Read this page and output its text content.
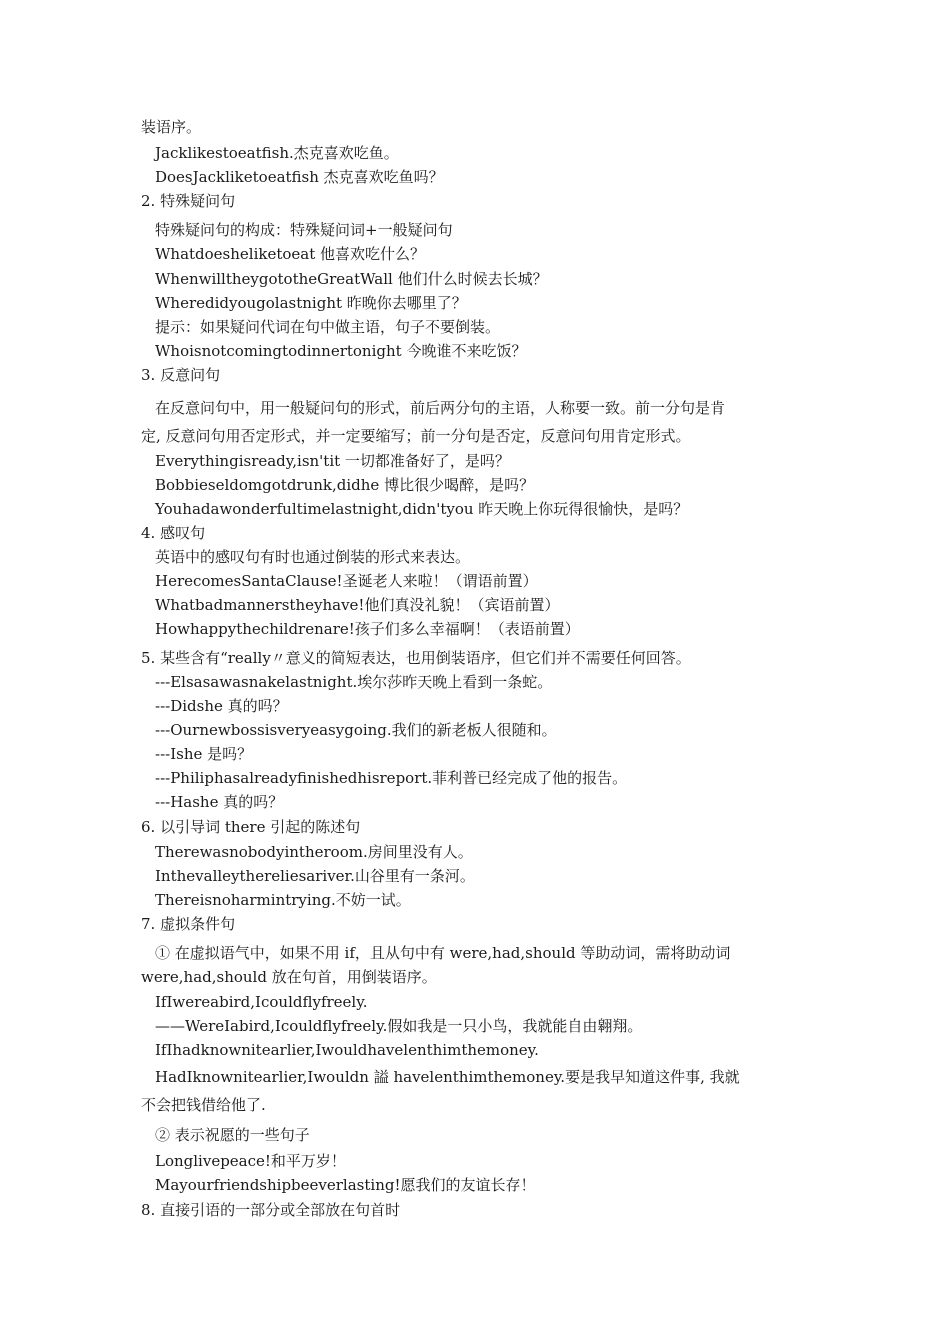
装语序。
Jacklikestoeatfish.杰克喜欢吃鱼。
DoesJackliketoeatfish 杰克喜欢吃鱼吗？
2. 特殊疑问句
特殊疑问句的构成：特殊疑问词+一般疑问句
Whatdoesheliketoeat 他喜欢吃什么？
WhenwilltheygototheGreatWall 他们什么时候去长城？
Wheredidyougolastnight 昨晚你去哪里了？
提示：如果疑问代词在句中做主语，句子不要倒装。
Whoisnotcomingtodinnertonight 今晚谁不来吃饭？
3. 反意问句
在反意问句中，用一般疑问句的形式，前后两分句的主语，人称要一致。前一分句是肯
定, 反意问句用否定形式，并一定要缩写；前一分句是否定，反意问句用肯定形式。
Everythingisready,isn'tit 一切都准备好了，是吗？
Bobbieseldomgotdrunk,didhe 博比很少喝醉，是吗？
Youhadawonderfultimelastnight,didn'tyou 昨天晚上你玩得很愉快，是吗？
4. 感叹句
英语中的感叹句有时也通过倒装的形式来表达。
HerecomesSantaClause!圣诞老人来啦！（谓语前置）
Whatbadmannerstheyhave!他们真没礼貌！（宾语前置）
Howhappythechildrenare!孩子们多么幸福啊！（表语前置）
5. 某些含有“really〃意义的简短表达，也用倒装语序，但它们并不需要任何回答。
---Elsasawasnakelastnight.埃尔莎昨天晚上看到一条蛇。
---Didshe 真的吗？
---Ournewbossisveryeasygoing.我们的新老板人很随和。
---Ishe 是吗？
---Philiphasalreadyfinishedhisreport.菲利普已经完成了他的报告。
---Hashe 真的吗？
6. 以引导词 there 引起的陈述句
Therewasnobodyintheroom.房间里没有人。
Inthevalleytherelies​ariver.山谷里有一条河。
Thereisnoharmintrying.不妨一试。
7. 虚拟条件句
① 在虚拟语气中，如果不用 if，且从句中有 were,had,should 等助动词，需将助动词
were,had,should 放在句首，用倒装语序。
IfIwereabird,Icouldflyfreely.
——WereIabird,Icouldflyfreely.假如我是一只小鸟，我就能自由翱翔。
IfIhadknownitearlier,Iwouldhavelenthimthemoney.
HadIknownitearlier,Iwouldn 謚 havelenthimthemoney.要是我早知道这件事, 我就
不会把钱借给他了.
② 表示祝愿的一些句子
Longlivepeace!和平万岁！
Mayourfriendshipbeeverlasting!愿我们的友谊长存！
8. 直接引语的一部分或全部放在句首时
